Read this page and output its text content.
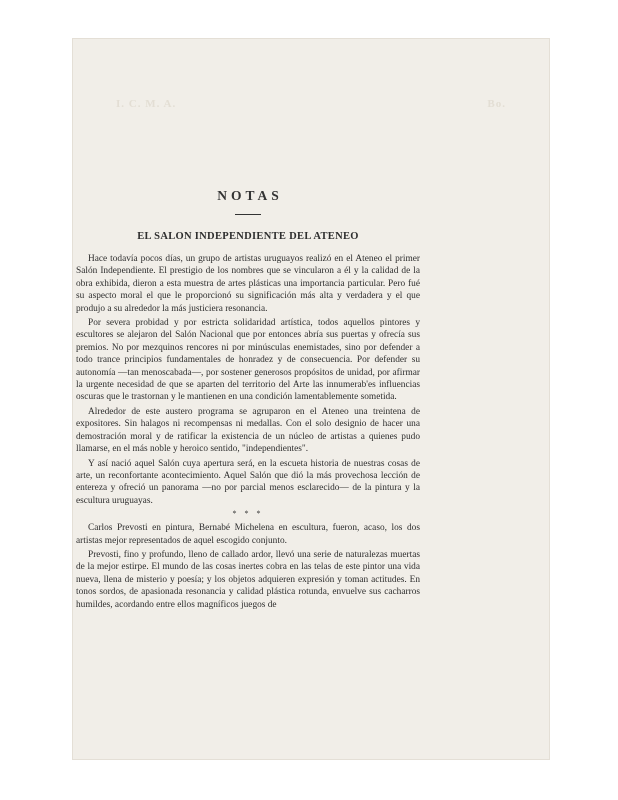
I. C. M. A.	Bo.
NOTAS
EL SALON INDEPENDIENTE DEL ATENEO

Hace todavía pocos días, un grupo de artistas uruguayos realizó en el Ateneo el primer Salón Independiente. El prestigio de los nombres que se vincularon a él y la calidad de la obra exhibida, dieron a esta muestra de artes plásticas una importancia particular. Pero fué su aspecto moral el que le proporcionó su significación más alta y verdadera y el que produjo a su alrededor la más justiciera resonancia.

Por severa probidad y por estricta solidaridad artística, todos aquellos pintores y escultores se alejaron del Salón Nacional que por entonces abría sus puertas y ofrecía sus premios. No por mezquinos rencores ni por minúsculas enemistades, sino por defender a todo trance principios fundamentales de honradez y de consecuencia. Por defender su autonomía —tan menoscabada—, por sostener generosos propósitos de unidad, por afirmar la urgente necesidad de que se aparten del territorio del Arte las innumerab'es influencias oscuras que le trastornan y le mantienen en una condición lamentablemente sometida.

Alrededor de este austero programa se agruparon en el Ateneo una treintena de expositores. Sin halagos ni recompensas ni medallas. Con el solo designio de hacer una demostración moral y de ratificar la existencia de un núcleo de artistas a quienes pudo llamarse, en el más noble y heroico sentido, "independientes".

Y así nació aquel Salón cuya apertura será, en la escueta historia de nuestras cosas de arte, un reconfortante acontecimiento. Aquel Salón que dió la más provechosa lección de entereza y ofreció un panorama —no por parcial menos esclarecido— de la pintura y la escultura uruguayas.

* * *

Carlos Prevosti en pintura, Bernabé Michelena en escultura, fueron, acaso, los dos artistas mejor representados de aquel escogido conjunto.

Prevosti, fino y profundo, lleno de callado ardor, llevó una serie de naturalezas muertas de la mejor estirpe. El mundo de las cosas inertes cobra en las telas de este pintor una vida nueva, llena de misterio y poesía; y los objetos adquieren expresión y toman actitudes. En tonos sordos, de apasionada resonancia y calidad plástica rotunda, envuelve sus cacharros humildes, acordando entre ellos magníficos juegos de
